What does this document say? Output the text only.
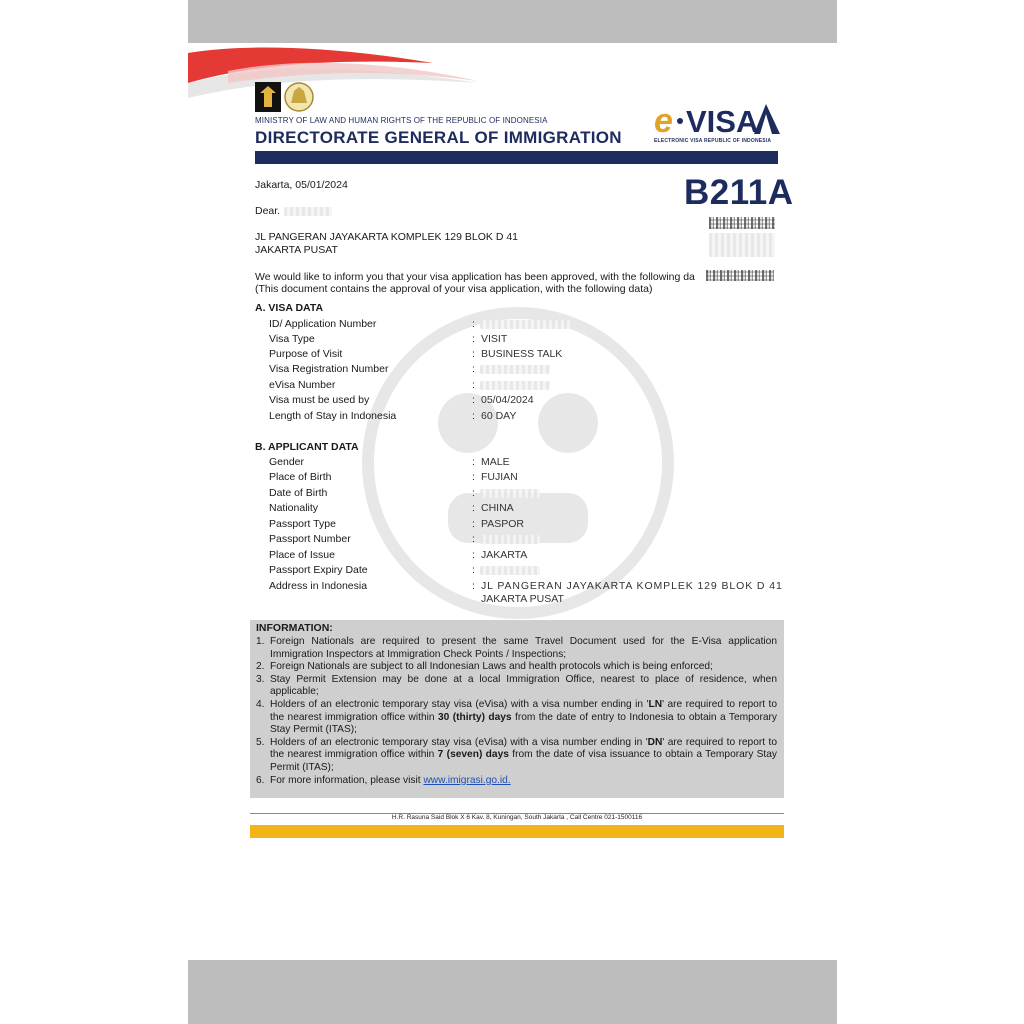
MINISTRY OF LAW AND HUMAN RIGHTS OF THE REPUBLIC OF INDONESIA
DIRECTORATE GENERAL OF IMMIGRATION e VISA
ELECTRONIC VISA REPUBLIC OF INDONESIA
Jakarta, 05/01/2024	B211A
Dear.
JL PANGERAN JAYAKARTA KOMPLEK 129 BLOK D 41
JAKARTA PUSAT
We would like to inform you that your visa application has been approved, with the following da
(This document contains the approval of your visa application, with the following data)
A. VISA DATA
ID/ Application Number	:
Visa Type	: VISIT
Purpose of Visit	: BUSINESS TALK
Visa Registration Number	:
eVisa Number	:
Visa must be used by	: 05/04/2024
Length of Stay in Indonesia	: 60 DAY
B. APPLICANT DATA
Gender	: MALE
Place of Birth	: FUJIAN
Date of Birth	:
Nationality	: CHINA
Passport Type	: PASPOR
Passport Number	:
Place of Issue	: JAKARTA
Passport Expiry Date	:
Address in Indonesia	: JL PANGERAN JAYAKARTA KOMPLEK 129 BLOK D 41
JAKARTA PUSAT
INFORMATION:
1. Foreign Nationals are required to present the same Travel Document used for the E-Visa application Immigration Inspectors at Immigration Check Points / Inspections;
2. Foreign Nationals are subject to all Indonesian Laws and health protocols which is being enforced;
3. Stay Permit Extension may be done at a local Immigration Office, nearest to place of residence, when applicable;
4. Holders of an electronic temporary stay visa (eVisa) with a visa number ending in 'LN' are required to report to the nearest immigration office within 30 (thirty) days from the date of entry to Indonesia to obtain a Temporary Stay Permit (ITAS);
5. Holders of an electronic temporary stay visa (eVisa) with a visa number ending in 'DN' are required to report to the nearest immigration office within 7 (seven) days from the date of visa issuance to obtain a Temporary Stay Permit (ITAS);
6. For more information, please visit www.imigrasi.go.id.
H.R. Rasuna Said Blok X 6 Kav. 8, Kuningan, South Jakarta , Call Centre 021-1500116
